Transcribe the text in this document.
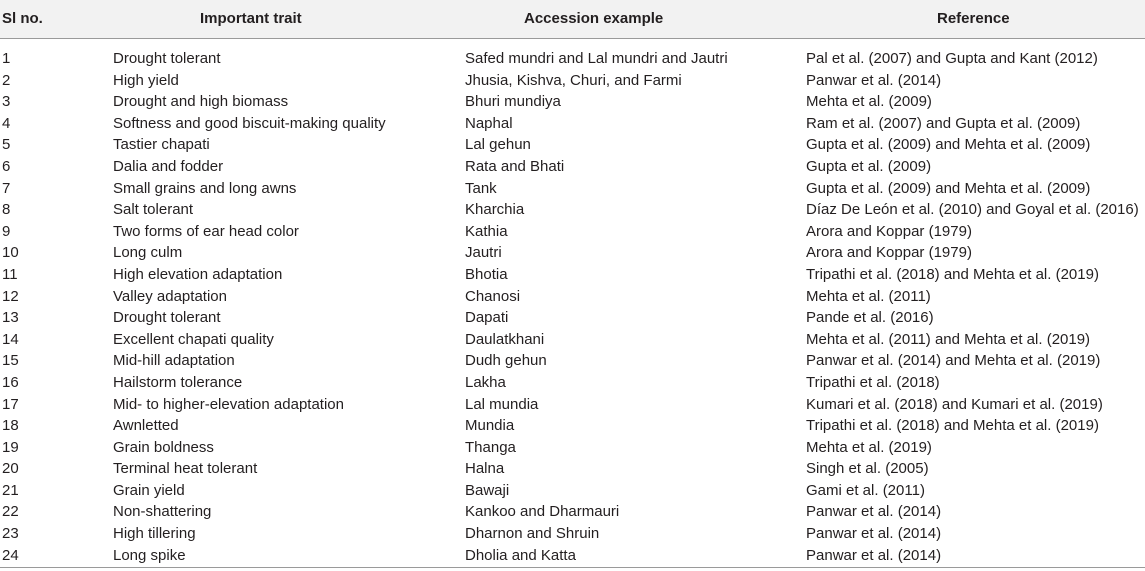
Sl no.	Important trait	Accession example	Reference
1	Drought tolerant	Safed mundri and Lal mundri and Jautri	Pal et al. (2007) and Gupta and Kant (2012)
2	High yield	Jhusia, Kishva, Churi, and Farmi	Panwar et al. (2014)
3	Drought and high biomass	Bhuri mundiya	Mehta et al. (2009)
4	Softness and good biscuit-making quality	Naphal	Ram et al. (2007) and Gupta et al. (2009)
5	Tastier chapati	Lal gehun	Gupta et al. (2009) and Mehta et al. (2009)
6	Dalia and fodder	Rata and Bhati	Gupta et al. (2009)
7	Small grains and long awns	Tank	Gupta et al. (2009) and Mehta et al. (2009)
8	Salt tolerant	Kharchia	Díaz De León et al. (2010) and Goyal et al. (2016)
9	Two forms of ear head color	Kathia	Arora and Koppar (1979)
10	Long culm	Jautri	Arora and Koppar (1979)
11	High elevation adaptation	Bhotia	Tripathi et al. (2018) and Mehta et al. (2019)
12	Valley adaptation	Chanosi	Mehta et al. (2011)
13	Drought tolerant	Dapati	Pande et al. (2016)
14	Excellent chapati quality	Daulatkhani	Mehta et al. (2011) and Mehta et al. (2019)
15	Mid-hill adaptation	Dudh gehun	Panwar et al. (2014) and Mehta et al. (2019)
16	Hailstorm tolerance	Lakha	Tripathi et al. (2018)
17	Mid- to higher-elevation adaptation	Lal mundia	Kumari et al. (2018) and Kumari et al. (2019)
18	Awnletted	Mundia	Tripathi et al. (2018) and Mehta et al. (2019)
19	Grain boldness	Thanga	Mehta et al. (2019)
20	Terminal heat tolerant	Halna	Singh et al. (2005)
21	Grain yield	Bawaji	Gami et al. (2011)
22	Non-shattering	Kankoo and Dharmauri	Panwar et al. (2014)
23	High tillering	Dharnon and Shruin	Panwar et al. (2014)
24	Long spike	Dholia and Katta	Panwar et al. (2014)
